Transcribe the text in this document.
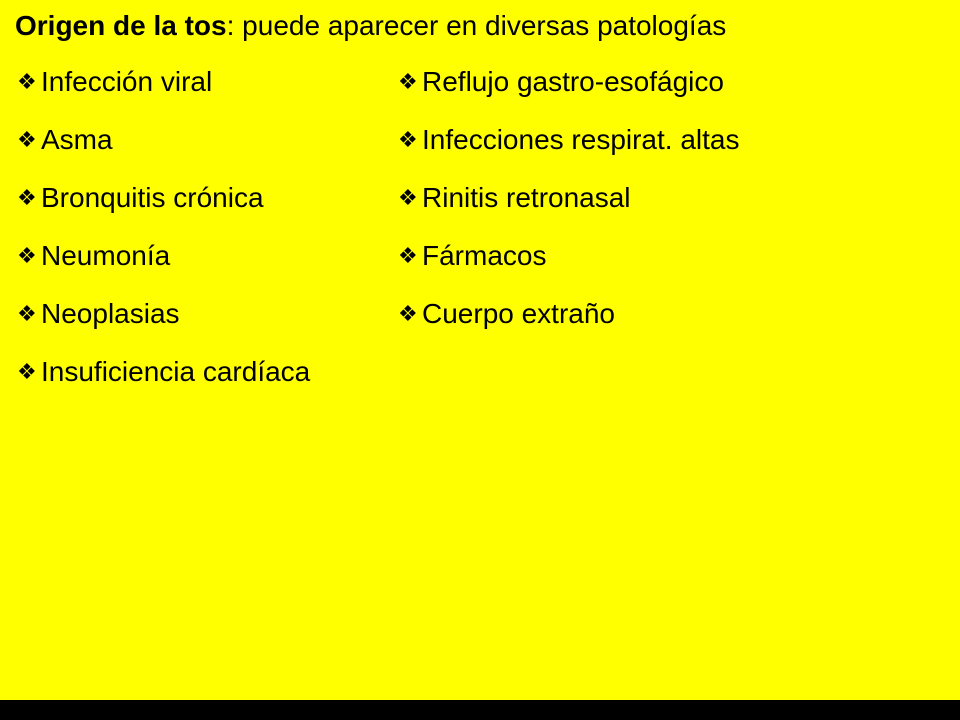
Origen de la tos: puede aparecer en diversas patologías
❖ Infección viral
❖ Asma
❖ Bronquitis crónica
❖ Neumonía
❖ Neoplasias
❖ Insuficiencia cardíaca
❖ Reflujo gastro-esofágico
❖ Infecciones respirat. altas
❖ Rinitis retronasal
❖ Fármacos
❖ Cuerpo extraño
